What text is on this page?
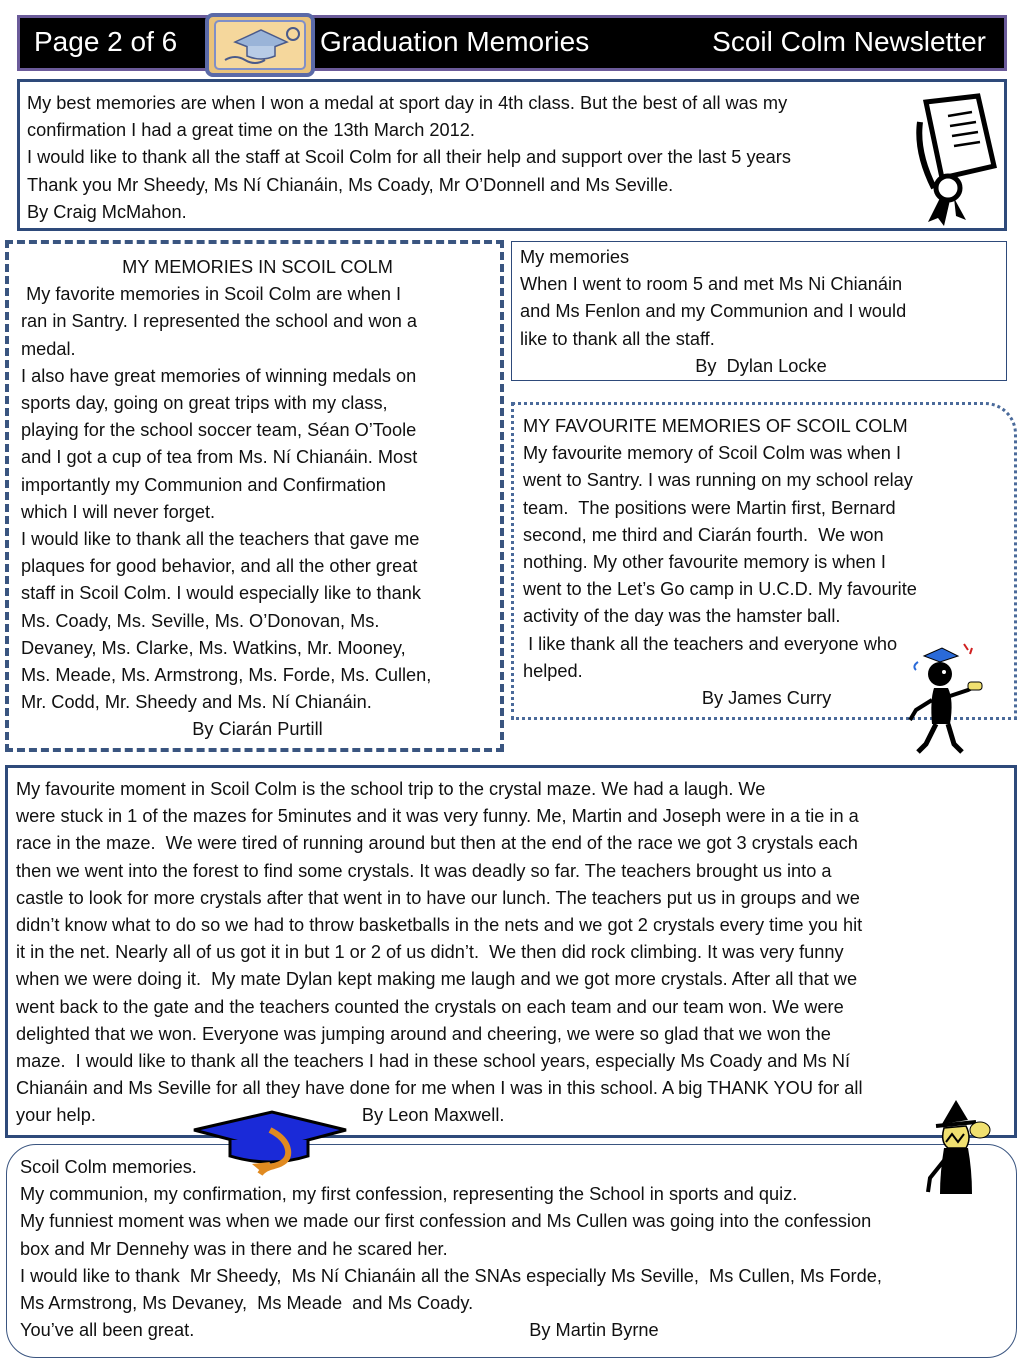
Page 2 of 6	Graduation Memories	Scoil Colm Newsletter

My best memories are when I won a medal at sport day in 4th class. But the best of all was my

confirmation I had a great time on the 13th March 2012.

I would like to thank all the staff at Scoil Colm for all their help and support over the last 5 years

Thank you Mr Sheedy, Ms Ní Chianáin, Ms Coady, Mr O’Donnell and Ms Seville.

By Craig McMahon.

MY MEMORIES IN SCOIL COLM

My favorite memories in Scoil Colm are when I

ran in Santry. I represented the school and won a

medal.

I also have great memories of winning medals on

sports day, going on great trips with my class,

playing for the school soccer team, Séan O’Toole

and I got a cup of tea from Ms. Ní Chianáin. Most

importantly my Communion and Confirmation

which I will never forget.

I would like to thank all the teachers that gave me

plaques for good behavior, and all the other great

staff in Scoil Colm. I would especially like to thank

Ms. Coady, Ms. Seville, Ms. O’Donovan, Ms.

Devaney, Ms. Clarke, Ms. Watkins, Mr. Mooney,

Ms. Meade, Ms. Armstrong, Ms. Forde, Ms. Cullen,

Mr. Codd, Mr. Sheedy and Ms. Ní Chianáin.

By Ciarán Purtill

My memories

When I went to room 5 and met Ms Ni Chianáin

and Ms Fenlon and my Communion and I would

like to thank all the staff.

By  Dylan Locke

MY FAVOURITE MEMORIES OF SCOIL COLM

My favourite memory of Scoil Colm was when I

went to Santry. I was running on my school relay

team.  The positions were Martin first, Bernard

second, me third and Ciarán fourth.  We won

nothing. My other favourite memory is when I

went to the Let’s Go camp in U.C.D. My favourite

activity of the day was the hamster ball.

I like thank all the teachers and everyone who

helped.

By James Curry

My favourite moment in Scoil Colm is the school trip to the crystal maze. We had a laugh. We

were stuck in 1 of the mazes for 5minutes and it was very funny. Me, Martin and Joseph were in a tie in a

race in the maze.  We were tired of running around but then at the end of the race we got 3 crystals each

then we went into the forest to find some crystals. It was deadly so far. The teachers brought us into a

castle to look for more crystals after that went in to have our lunch. The teachers put us in groups and we

didn’t know what to do so we had to throw basketballs in the nets and we got 2 crystals every time you hit

it in the net. Nearly all of us got it in but 1 or 2 of us didn’t.  We then did rock climbing. It was very funny

when we were doing it.  My mate Dylan kept making me laugh and we got more crystals. After all that we

went back to the gate and the teachers counted the crystals on each team and our team won. We were

delighted that we won. Everyone was jumping around and cheering, we were so glad that we won the

maze.  I would like to thank all the teachers I had in these school years, especially Ms Coady and Ms Ní

Chianáin and Ms Seville for all they have done for me when I was in this school. A big THANK YOU for all

your help.	By Leon Maxwell.

Scoil Colm memories.

My communion, my confirmation, my first confession, representing the School in sports and quiz.

My funniest moment was when we made our first confession and Ms Cullen was going into the confession

box and Mr Dennehy was in there and he scared her.

I would like to thank  Mr Sheedy,  Ms Ní Chianáin all the SNAs especially Ms Seville,  Ms Cullen, Ms Forde,

Ms Armstrong, Ms Devaney,  Ms Meade  and Ms Coady.

You’ve all been great.	By Martin Byrne
